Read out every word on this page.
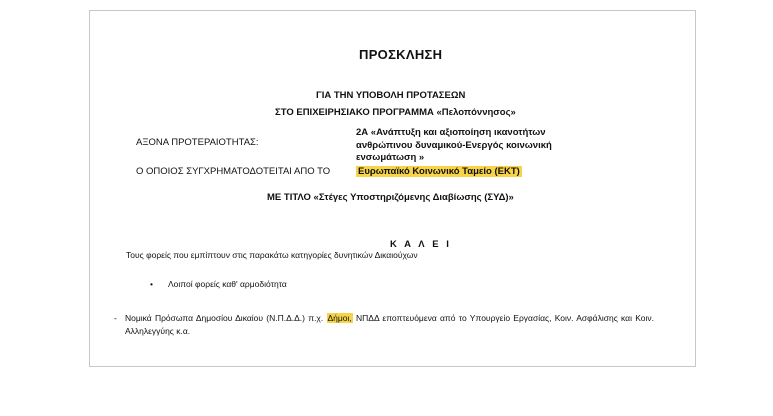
ΠΡΟΣΚΛΗΣΗ
ΓΙΑ ΤΗΝ ΥΠΟΒΟΛΗ ΠΡΟΤΑΣΕΩΝ
ΣΤΟ ΕΠΙΧΕΙΡΗΣΙΑΚΟ ΠΡΟΓΡΑΜΜΑ «Πελοπόννησος»
ΑΞΟΝΑ ΠΡΟΤΕΡΑΙΟΤΗΤΑΣ:
2Α «Ανάπτυξη και αξιοποίηση ικανοτήτων ανθρώπινου δυναμικού-Ενεργός κοινωνική ενσωμάτωση »
Ο ΟΠΟΙΟΣ ΣΥΓΧΡΗΜΑΤΟΔΟΤΕΙΤΑΙ ΑΠΟ ΤΟ	Ευρωπαϊκό Κοινωνικό Ταμείο (ΕΚΤ)
ΜΕ ΤΙΤΛΟ «Στέγες Υποστηριζόμενης Διαβίωσης (ΣΥΔ)»
Κ Α Λ Ε Ι
Τους φορείς που εμπίπτουν στις παρακάτω κατηγορίες δυνητικών Δικαιούχων
• Λοιποί φορείς καθ' αρμοδιότητα
- Νομικά Πρόσωπα Δημοσίου Δικαίου (Ν.Π.Δ.Δ.) π.χ. Δήμοι, ΝΠΔΔ εποπτευόμενα από το Υπουργείο Εργασίας, Κοιν. Ασφάλισης και Κοιν. Αλληλεγγύης κ.α.
